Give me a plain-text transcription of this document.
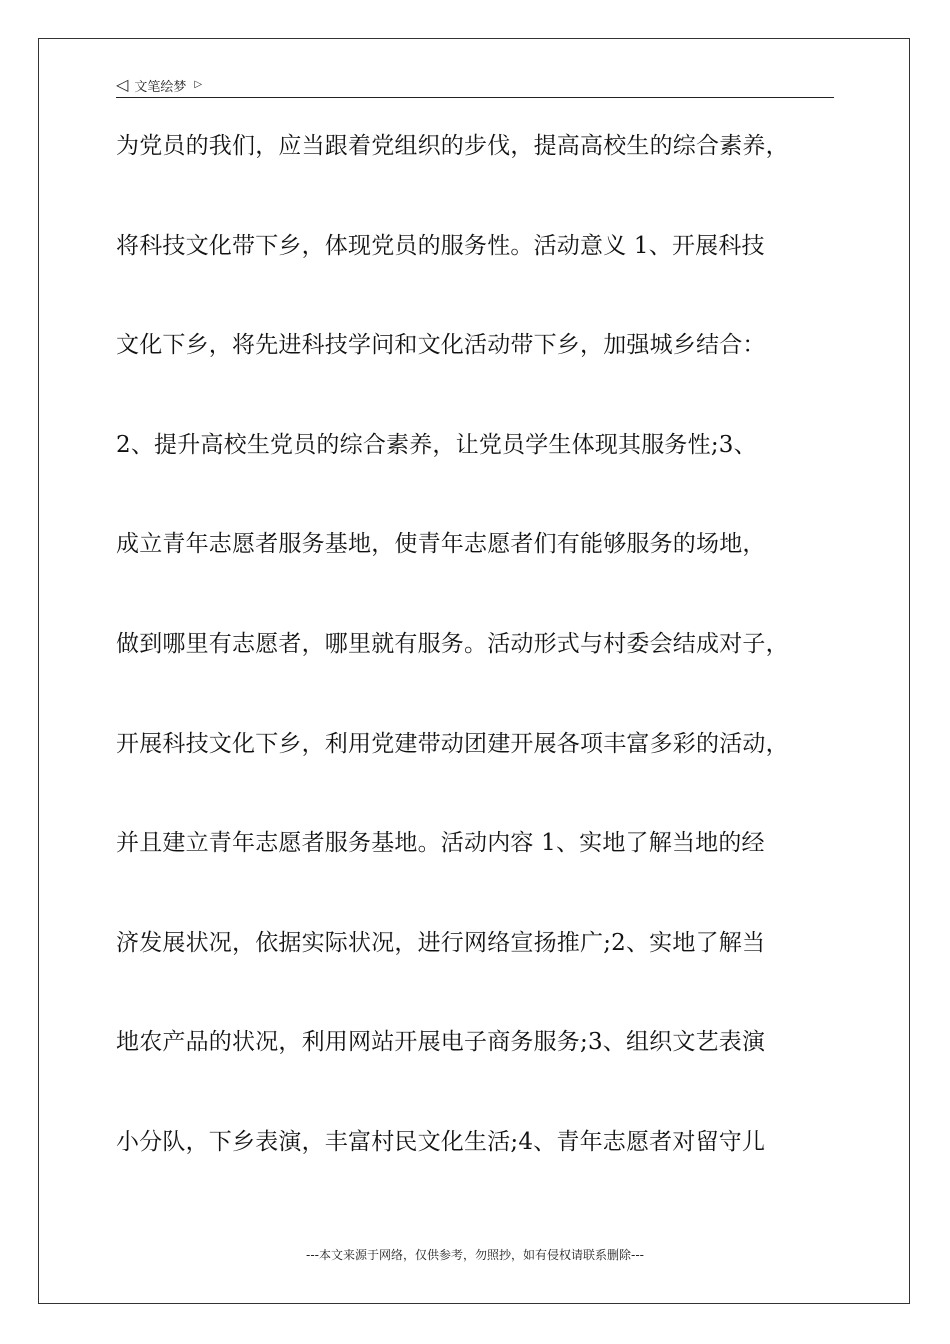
◁ 文笔绘梦 ▷
为党员的我们，应当跟着党组织的步伐，提高高校生的综合素养，
将科技文化带下乡，体现党员的服务性。活动意义 1、开展科技
文化下乡，将先进科技学问和文化活动带下乡，加强城乡结合：
2、提升高校生党员的综合素养，让党员学生体现其服务性;3、
成立青年志愿者服务基地，使青年志愿者们有能够服务的场地，
做到哪里有志愿者，哪里就有服务。活动形式与村委会结成对子，
开展科技文化下乡，利用党建带动团建开展各项丰富多彩的活动，
并且建立青年志愿者服务基地。活动内容 1、实地了解当地的经
济发展状况，依据实际状况，进行网络宣扬推广;2、实地了解当
地农产品的状况，利用网站开展电子商务服务;3、组织文艺表演
小分队，下乡表演，丰富村民文化生活;4、青年志愿者对留守儿
---本文来源于网络，仅供参考，勿照抄，如有侵权请联系删除---
